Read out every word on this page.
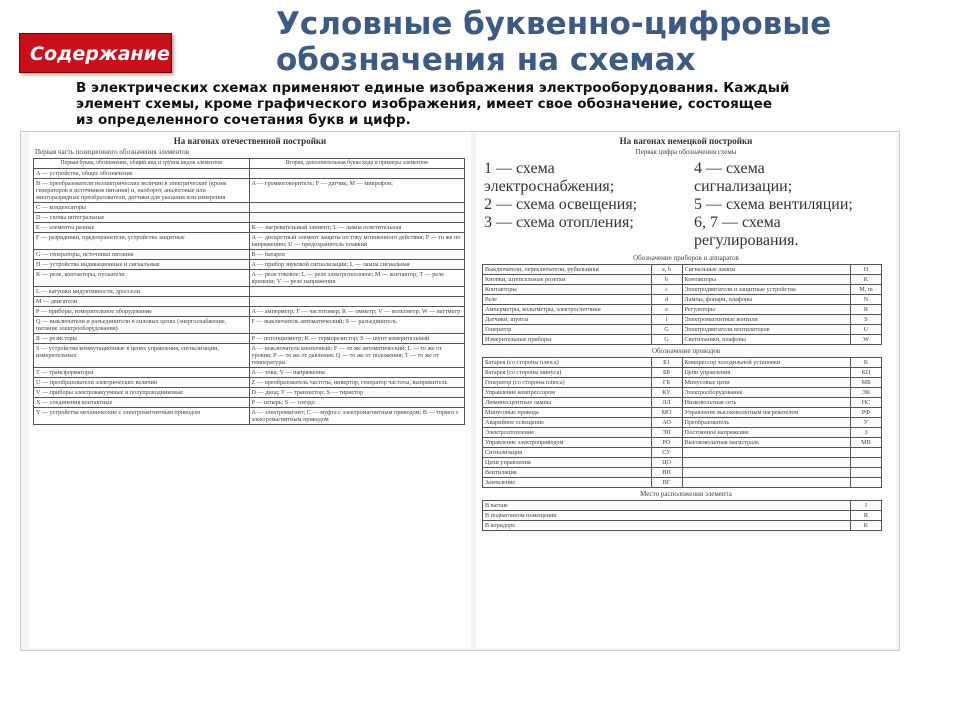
Условные буквенно-цифровые
обозначения на схемах
Содержание
В электрических схемах применяют единые изображения электрооборудования. Каждый
элемент схемы, кроме графического изображения, имеет свое обозначение, состоящее
из определенного сочетания букв и цифр.
На вагонах отечественной постройки
Первая часть позиционного обозначения элементов
Первая буква, обозначение, общий вид и группа видов элементов	Вторая, дополнительная буква кода и примеры элементов
A — устройства, общее обозначение	
B — преобразователи неэлектрических величин в электрические (кроме генераторов и источников питания) и, наоборот, аналоговые или многоразрядные преобразователи, датчики для указания или измерения	A — громкоговоритель; F — датчик; M — микрофон;
C — конденсаторы	
D — схемы интегральные	
E — элементы разные	K — нагревательный элемент; L — лампа осветительная
F — разрядники, предохранители, устройства защитные	A — дискретный элемент защиты по току мгновенного действия; P — то же по напряжению; U — предохранитель плавкий
G — генераторы, источники питания	B — батарея
H — устройства индикационные и сигнальные	A — прибор звуковой сигнализации; L — лампа сигнальная
K — реле, контакторы, пускатели	A — реле токовое; L — реле электротепловое; M — контактор; T — реле времени; V — реле напряжения
L — катушки индуктивности, дроссели	
M — двигатели	
P — приборы, измерительное оборудование	A — амперметр; F — частотомер; R — омметр; V — вольтметр; W — ваттметр
Q — выключатели и разъединители в силовых цепях (энергоснабжение, питание электрооборудования)	F — выключатель автоматический; S — разъединитель
R — резисторы	P — потенциометр; K — терморезистор; S — шунт измерительный
S — устройства коммутационные в цепях управления, сигнализации, измерительных	A — выключатель кнопочный; F — то же автоматический; L — то же от уровня; P — то же от давления; Q — то же от положения; T — то же от температуры
T — трансформаторы	A — тока; V — напряжения
U — преобразователи электрических величин	Z — преобразователь частоты, инвертор, генератор частоты, выпрямитель
V — приборы электровакуумные и полупроводниковые	D — диод; T — транзистор; S — тиристор
X — соединения контактные	P — штырь; S — гнездо
Y — устройства механические с электромагнитным приводом	A — электромагнит; C — муфта с электромагнитным приводом; B — тормоз с электромагнитным приводом
На вагонах немецкой постройки
Первая цифра обозначения схемы
1 — схема электроснабжения;
2 — схема освещения;
3 — схема отопления;
4 — схема сигнализации;
5 — схема вентиляции;
6, 7 — схема регулирования.
Обозначение приборов и аппаратов
Выключатели, переключатели, рубильники	a, b	Сигнальные лампы	H
Кнопки, штепсельные розетки	b	Контакторы	K
Контакторы	c	Электродвигатели и защитные устройства	M, m
Реле	d	Лампы, фонари, плафоны	N
Амперметры, вольтметры, электросчетчики	e	Регуляторы	R
Датчики, шунты	f	Электромагнитные вентили	S
Генератор	G	Электродвигатели вентиляторов	U
Измерительные приборы	G	Светильники, плафоны	W
Обозначение проводов
Батарея (со стороны плюса)	Б1	Компрессор холодильной установки	К
Батарея (со стороны минуса)	ББ	Цепи управления	КЦ
Генератор (со стороны плюса)	ГБ	Минусовые цепи	МБ
Управление компрессором	КУ	Электрооборудование	ЭК
Люминесцентные лампы	ЛЛ	Низковольтная сеть	НС
Минусовые провода	МО	Управление высоковольтным нагревателем	РФ
Аварийное освещение	АО	Преобразователь	У
Электроотопление	ЭП	Постоянное напряжение	З
Управление электроприводом	РО	Высоковольтная магистраль	МВ
Сигнализация	СУ		
Цепи управления	ЦО		
Вентиляция	ВП		
Заземление	ВГ		
Место расположения элемента
В вагоне	I
В подвагонном помещении	R
В коридоре	K
